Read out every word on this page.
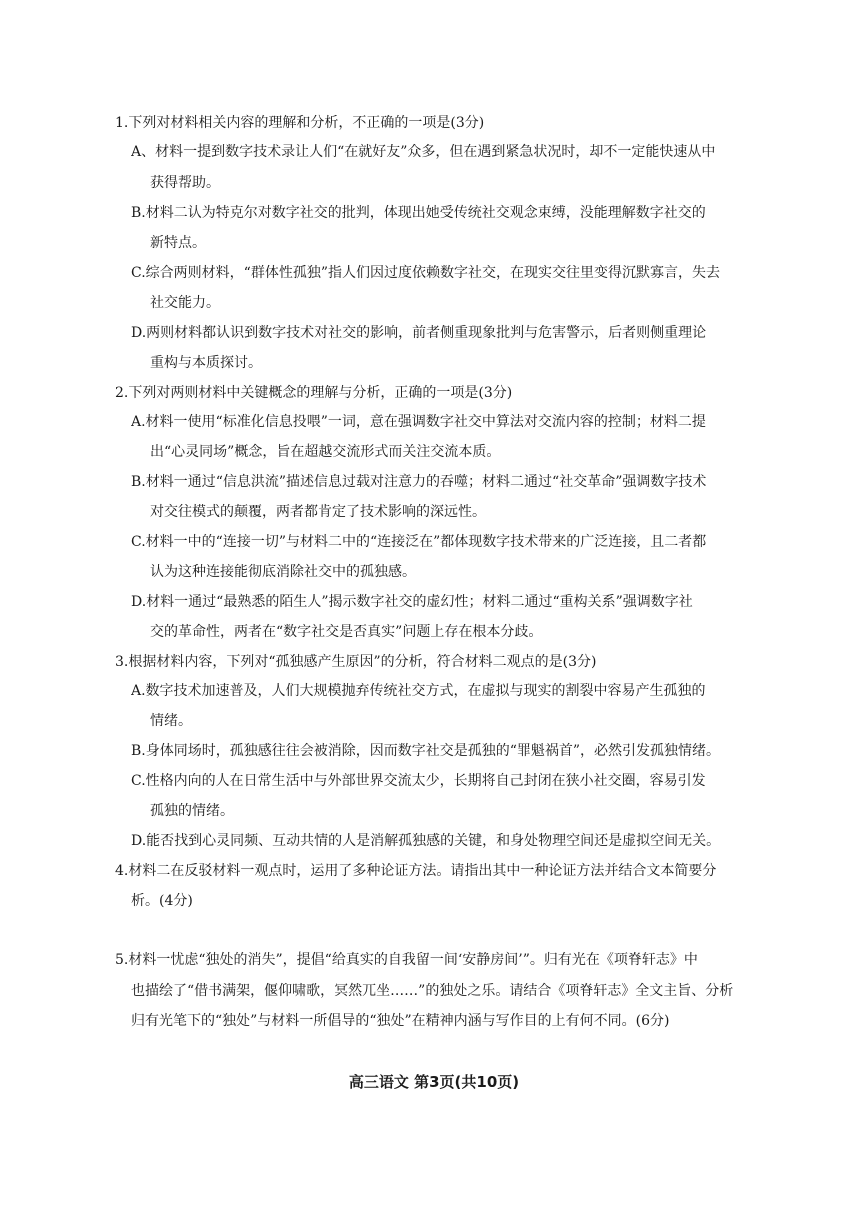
1.下列对材料相关内容的理解和分析，不正确的一项是(3分)
A、材料一提到数字技术录让人们“在就好友”众多，但在遇到紧急状况时，却不一定能快速从中
获得帮助。
B.材料二认为特克尔对数字社交的批判，体现出她受传统社交观念束缚，没能理解数字社交的
新特点。
C.综合两则材料，“群体性孤独”指人们因过度依赖数字社交，在现实交往里变得沉默寡言，失去
社交能力。
D.两则材料都认识到数字技术对社交的影响，前者侧重现象批判与危害警示，后者则侧重理论
重构与本质探讨。
2.下列对两则材料中关键概念的理解与分析，正确的一项是(3分)
A.材料一使用“标准化信息投喂”一词，意在强调数字社交中算法对交流内容的控制；材料二提
出“心灵同场”概念，旨在超越交流形式而关注交流本质。
B.材料一通过“信息洪流”描述信息过载对注意力的吞噬；材料二通过“社交革命”强调数字技术
对交往模式的颠覆，两者都肯定了技术影响的深远性。
C.材料一中的“连接一切”与材料二中的“连接泛在”都体现数字技术带来的广泛连接，且二者都
认为这种连接能彻底消除社交中的孤独感。
D.材料一通过“最熟悉的陌生人”揭示数字社交的虚幻性；材料二通过“重构关系”强调数字社
交的革命性，两者在“数字社交是否真实”问题上存在根本分歧。
3.根据材料内容，下列对“孤独感产生原因”的分析，符合材料二观点的是(3分)
A.数字技术加速普及，人们大规模抛弃传统社交方式，在虚拟与现实的割裂中容易产生孤独的
情绪。
B.身体同场时，孤独感往往会被消除，因而数字社交是孤独的“罪魁祸首”，必然引发孤独情绪。
C.性格内向的人在日常生活中与外部世界交流太少，长期将自己封闭在狭小社交圈，容易引发
孤独的情绪。
D.能否找到心灵同频、互动共情的人是消解孤独感的关键，和身处物理空间还是虚拟空间无关。
4.材料二在反驳材料一观点时，运用了多种论证方法。请指出其中一种论证方法并结合文本简要分
析。(4分)
5.材料一忧虑“独处的消失”，提倡“给真实的自我留一间‘安静房间’”。归有光在《项脊轩志》中
也描绘了“借书满架，偃仰啸歌，冥然兀坐……”的独处之乐。请结合《项脊轩志》全文主旨、分析
归有光笔下的“独处”与材料一所倡导的“独处”在精神内涵与写作目的上有何不同。(6分)
高三语文 第3页(共10页)
